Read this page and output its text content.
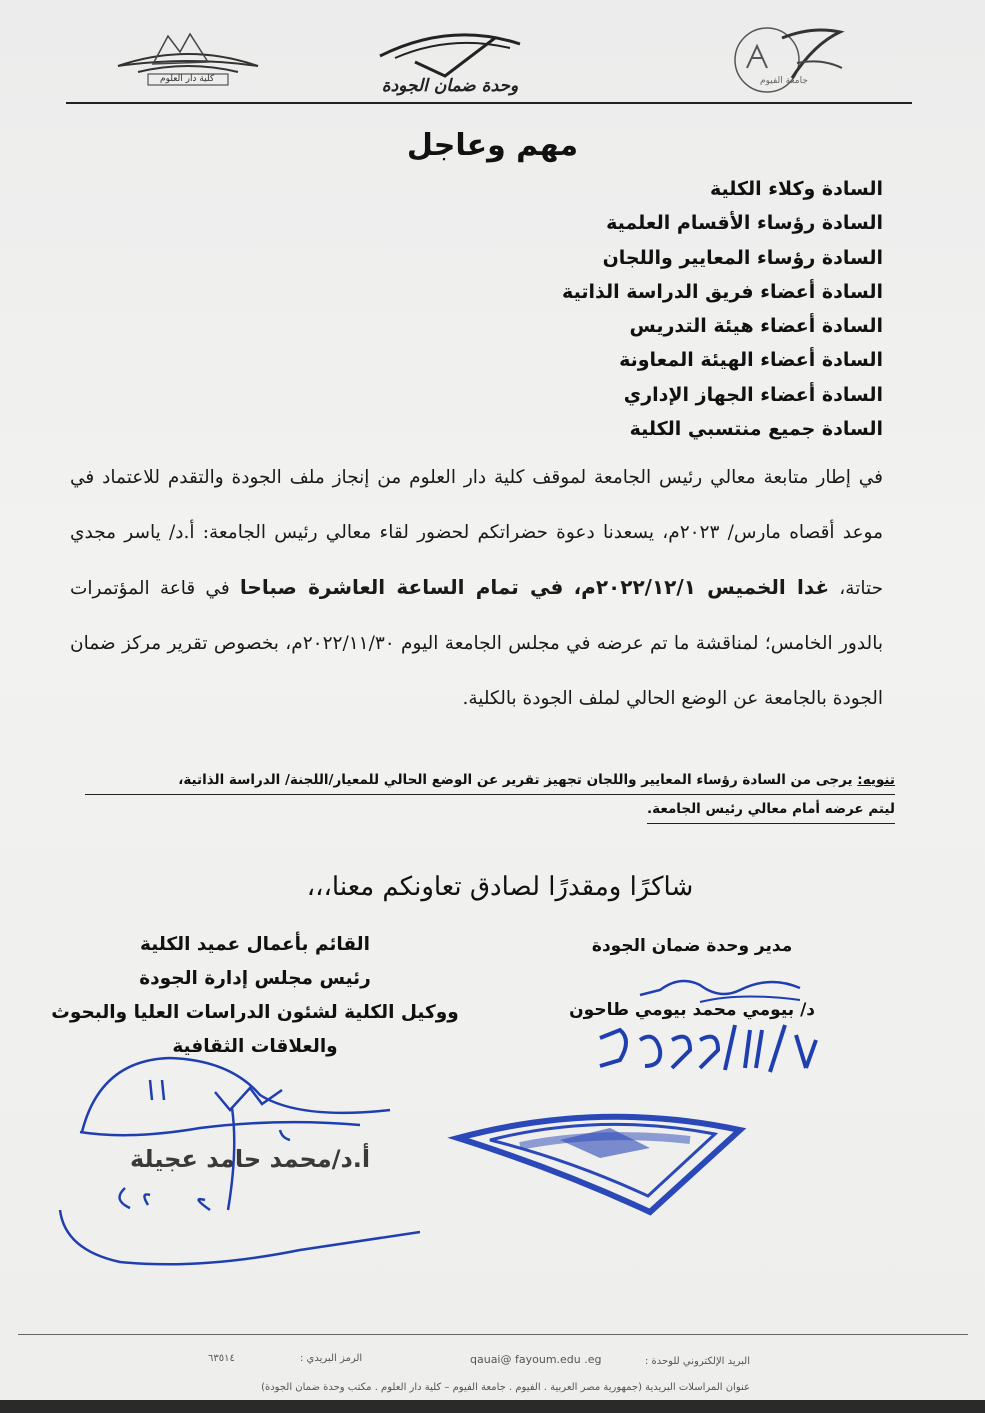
كلية دار العلوم	وحدة ضمان الجودة	جامعة الفيوم
مهم وعاجل
السادة وكلاء الكلية
السادة رؤساء الأقسام العلمية
السادة رؤساء المعايير واللجان
السادة أعضاء فريق الدراسة الذاتية
السادة أعضاء هيئة التدريس
السادة أعضاء الهيئة المعاونة
السادة أعضاء الجهاز الإداري
السادة جميع منتسبي الكلية
في إطار متابعة معالي رئيس الجامعة لموقف كلية دار العلوم من إنجاز ملف الجودة والتقدم للاعتماد في موعد أقصاه مارس/ ٢٠٢٣م، يسعدنا دعوة حضراتكم لحضور لقاء معالي رئيس الجامعة: أ.د/ ياسر مجدي حتاتة، غدا الخميس ٢٠٢٢/١٢/١م، في تمام الساعة العاشرة صباحا في قاعة المؤتمرات بالدور الخامس؛ لمناقشة ما تم عرضه في مجلس الجامعة اليوم ٢٠٢٢/١١/٣٠م، بخصوص تقرير مركز ضمان الجودة بالجامعة عن الوضع الحالي لملف الجودة بالكلية.
تنويه: يرجى من السادة رؤساء المعايير واللجان تجهيز تقرير عن الوضع الحالي للمعيار/اللجنة/ الدراسة الذاتية،
ليتم عرضه أمام معالي رئيس الجامعة.
شاكرًا ومقدرًا لصادق تعاونكم معنا،،،
مدير وحدة ضمان الجودة
د/ بيومي محمد بيومي طاحون
القائم بأعمال عميد الكلية
رئيس مجلس إدارة الجودة
ووكيل الكلية لشئون الدراسات العليا والبحوث
والعلاقات الثقافية
أ.د/محمد حامد عجيلة
البريد الإلكتروني للوحدة :
qauai@ fayoum.edu .eg
الرمز البريدي :
٦٣٥١٤
عنوان المراسلات البريدية (جمهورية مصر العربية . الفيوم . جامعة الفيوم – كلية دار العلوم . مكتب وحدة ضمان الجودة)
